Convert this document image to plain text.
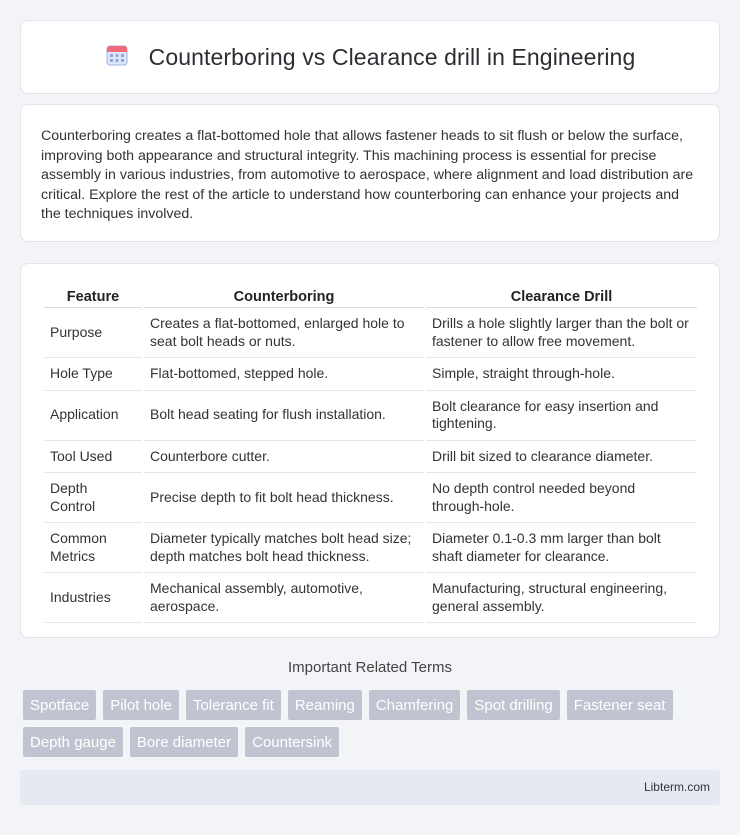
Counterboring vs Clearance drill in Engineering

Counterboring creates a flat-bottomed hole that allows fastener heads to sit flush or below the surface, improving both appearance and structural integrity. This machining process is essential for precise assembly in various industries, from automotive to aerospace, where alignment and load distribution are critical. Explore the rest of the article to understand how counterboring can enhance your projects and the techniques involved.

Feature	Counterboring	Clearance Drill
Purpose	Creates a flat-bottomed, enlarged hole to seat bolt heads or nuts.	Drills a hole slightly larger than the bolt or fastener to allow free movement.
Hole Type	Flat-bottomed, stepped hole.	Simple, straight through-hole.
Application	Bolt head seating for flush installation.	Bolt clearance for easy insertion and tightening.
Tool Used	Counterbore cutter.	Drill bit sized to clearance diameter.
Depth Control	Precise depth to fit bolt head thickness.	No depth control needed beyond through-hole.
Common Metrics	Diameter typically matches bolt head size; depth matches bolt head thickness.	Diameter 0.1-0.3 mm larger than bolt shaft diameter for clearance.
Industries	Mechanical assembly, automotive, aerospace.	Manufacturing, structural engineering, general assembly.
Important Related Terms
Spotface	Pilot hole	Tolerance fit	Reaming	Chamfering	Spot drilling	Fastener seat
Depth gauge	Bore diameter	Countersink
Libterm.com
